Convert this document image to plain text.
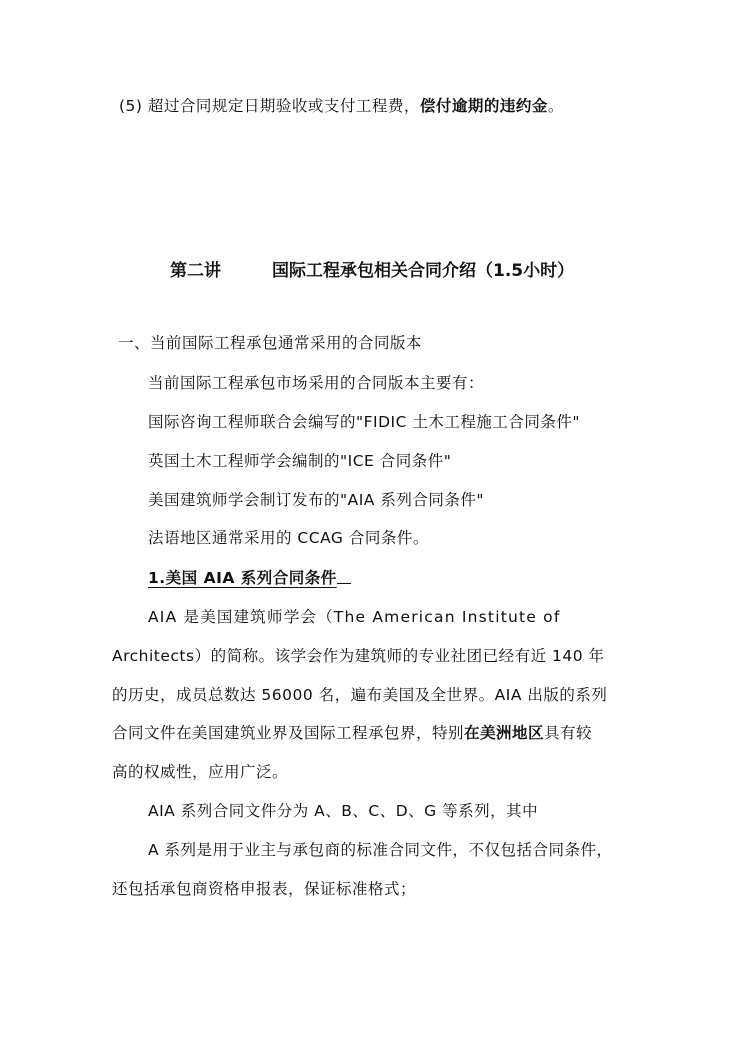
(5) 超过合同规定日期验收或支付工程费，偿付逾期的违约金。
第二讲	国际工程承包相关合同介绍（1.5小时）
一、当前国际工程承包通常采用的合同版本
当前国际工程承包市场采用的合同版本主要有：
国际咨询工程师联合会编写的"FIDIC 土木工程施工合同条件"
英国土木工程师学会编制的"ICE 合同条件"
美国建筑师学会制订发布的"AIA 系列合同条件"
法语地区通常采用的 CCAG 合同条件。
1.美国 AIA 系列合同条件
AIA 是美国建筑师学会（The American Institute of
Architects）的简称。该学会作为建筑师的专业社团已经有近 140 年
的历史，成员总数达 56000 名，遍布美国及全世界。AIA 出版的系列
合同文件在美国建筑业界及国际工程承包界，特别在美洲地区具有较
高的权威性，应用广泛。
AIA 系列合同文件分为 A、B、C、D、G 等系列，其中
A 系列是用于业主与承包商的标准合同文件，不仅包括合同条件，
还包括承包商资格申报表，保证标准格式；
